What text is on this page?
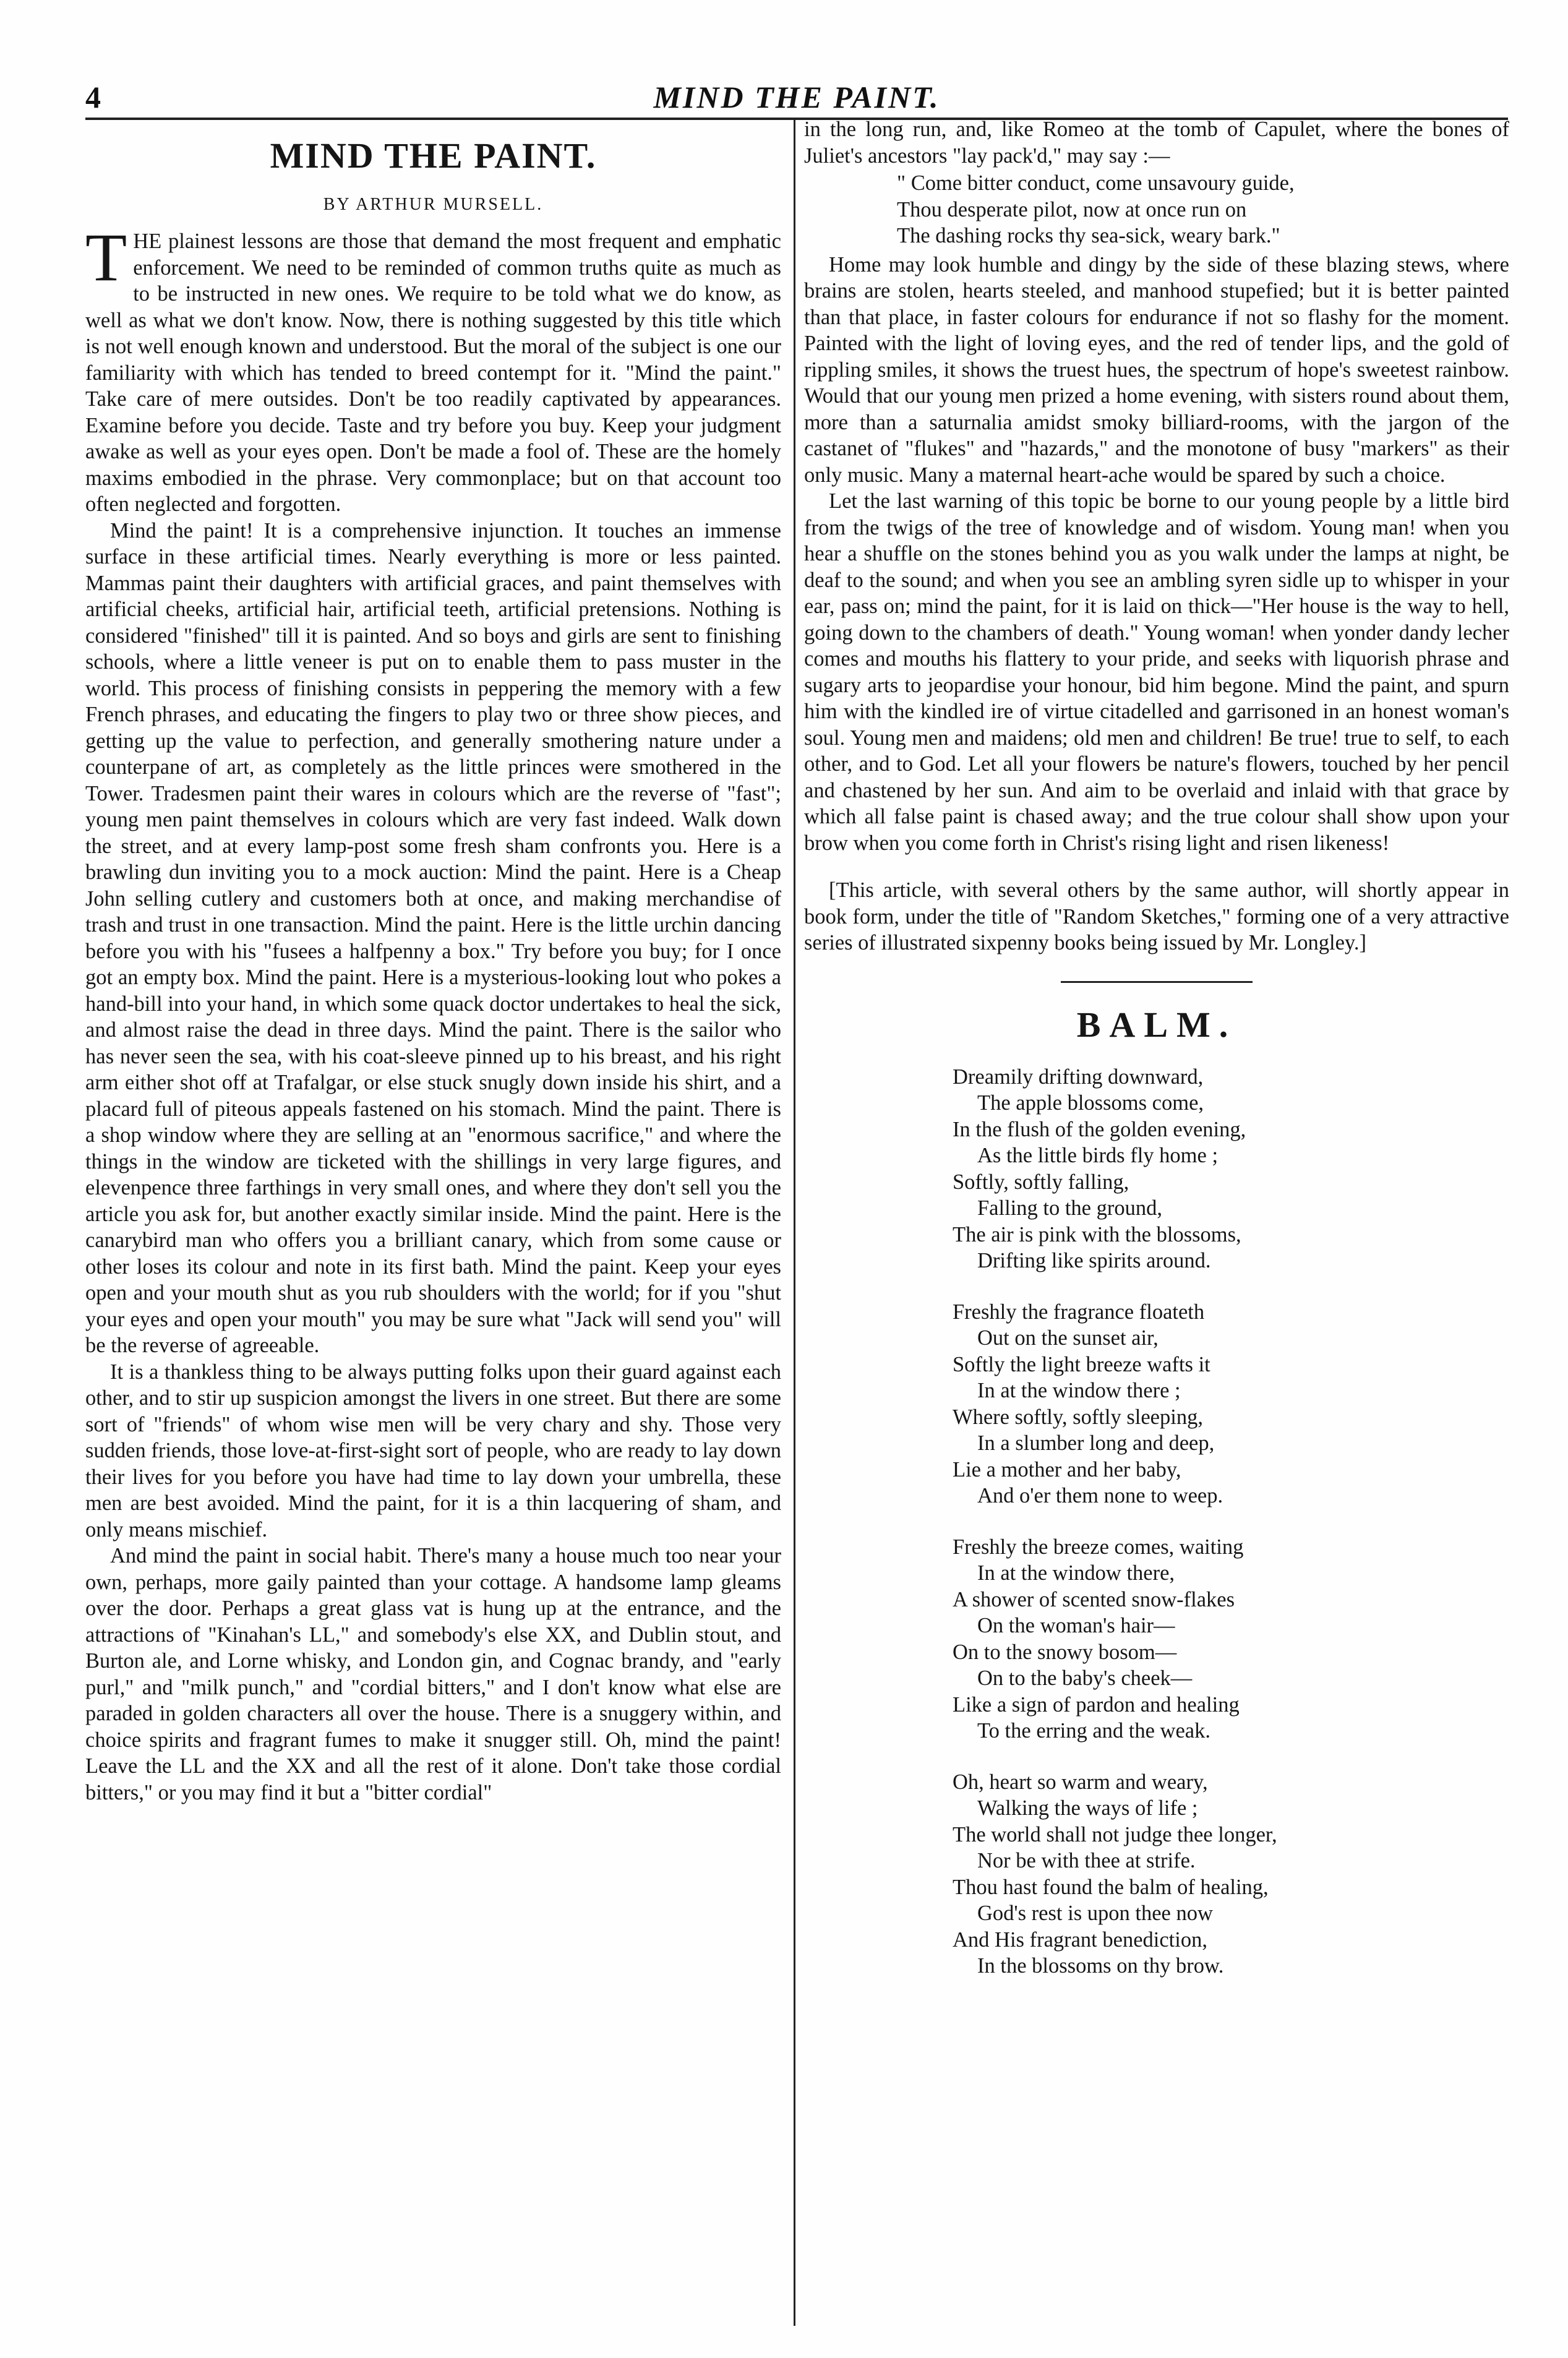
4	MIND THE PAINT.
MIND THE PAINT.
BY ARTHUR MURSELL.

THE plainest lessons are those that demand the most frequent and emphatic enforcement. We need to be reminded of common truths quite as much as to be instructed in new ones. We require to be told what we do know, as well as what we don't know. Now, there is nothing suggested by this title which is not well enough known and understood. But the moral of the subject is one our familiarity with which has tended to breed contempt for it. "Mind the paint." Take care of mere outsides. Don't be too readily captivated by appearances. Examine before you decide. Taste and try before you buy. Keep your judgment awake as well as your eyes open. Don't be made a fool of. These are the homely maxims embodied in the phrase. Very commonplace; but on that account too often neglected and forgotten.

Mind the paint! It is a comprehensive injunction. It touches an immense surface in these artificial times. Nearly everything is more or less painted. Mammas paint their daughters with artificial graces, and paint themselves with artificial cheeks, artificial hair, artificial teeth, artificial pretensions. Nothing is considered "finished" till it is painted. And so boys and girls are sent to finishing schools, where a little veneer is put on to enable them to pass muster in the world. This process of finishing consists in peppering the memory with a few French phrases, and educating the fingers to play two or three show pieces, and getting up the value to perfection, and generally smothering nature under a counterpane of art, as completely as the little princes were smothered in the Tower. Tradesmen paint their wares in colours which are the reverse of "fast"; young men paint themselves in colours which are very fast indeed. Walk down the street, and at every lamp-post some fresh sham confronts you. Here is a brawling dun inviting you to a mock auction: Mind the paint. Here is a Cheap John selling cutlery and customers both at once, and making merchandise of trash and trust in one transaction. Mind the paint. Here is the little urchin dancing before you with his "fusees a halfpenny a box." Try before you buy; for I once got an empty box. Mind the paint. Here is a mysterious-looking lout who pokes a hand-bill into your hand, in which some quack doctor undertakes to heal the sick, and almost raise the dead in three days. Mind the paint. There is the sailor who has never seen the sea, with his coat-sleeve pinned up to his breast, and his right arm either shot off at Trafalgar, or else stuck snugly down inside his shirt, and a placard full of piteous appeals fastened on his stomach. Mind the paint. There is a shop window where they are selling at an "enormous sacrifice," and where the things in the window are ticketed with the shillings in very large figures, and elevenpence three farthings in very small ones, and where they don't sell you the article you ask for, but another exactly similar inside. Mind the paint. Here is the canarybird man who offers you a brilliant canary, which from some cause or other loses its colour and note in its first bath. Mind the paint. Keep your eyes open and your mouth shut as you rub shoulders with the world; for if you "shut your eyes and open your mouth" you may be sure what "Jack will send you" will be the reverse of agreeable.

It is a thankless thing to be always putting folks upon their guard against each other, and to stir up suspicion amongst the livers in one street. But there are some sort of "friends" of whom wise men will be very chary and shy. Those very sudden friends, those love-at-first-sight sort of people, who are ready to lay down their lives for you before you have had time to lay down your umbrella, these men are best avoided. Mind the paint, for it is a thin lacquering of sham, and only means mischief.

And mind the paint in social habit. There's many a house much too near your own, perhaps, more gaily painted than your cottage. A handsome lamp gleams over the door. Perhaps a great glass vat is hung up at the entrance, and the attractions of "Kinahan's LL," and somebody's else XX, and Dublin stout, and Burton ale, and Lorne whisky, and London gin, and Cognac brandy, and "early purl," and "milk punch," and "cordial bitters," and I don't know what else are paraded in golden characters all over the house. There is a snuggery within, and choice spirits and fragrant fumes to make it snugger still. Oh, mind the paint! Leave the LL and the XX and all the rest of it alone. Don't take those cordial bitters," or you may find it but a "bitter cordial"

in the long run, and, like Romeo at the tomb of Capulet, where the bones of Juliet's ancestors "lay pack'd," may say :—

" Come bitter conduct, come unsavoury guide,
Thou desperate pilot, now at once run on
The dashing rocks thy sea-sick, weary bark."

Home may look humble and dingy by the side of these blazing stews, where brains are stolen, hearts steeled, and manhood stupefied; but it is better painted than that place, in faster colours for endurance if not so flashy for the moment. Painted with the light of loving eyes, and the red of tender lips, and the gold of rippling smiles, it shows the truest hues, the spectrum of hope's sweetest rainbow. Would that our young men prized a home evening, with sisters round about them, more than a saturnalia amidst smoky billiard-rooms, with the jargon of the castanet of "flukes" and "hazards," and the monotone of busy "markers" as their only music. Many a maternal heart-ache would be spared by such a choice.

Let the last warning of this topic be borne to our young people by a little bird from the twigs of the tree of knowledge and of wisdom. Young man! when you hear a shuffle on the stones behind you as you walk under the lamps at night, be deaf to the sound; and when you see an ambling syren sidle up to whisper in your ear, pass on; mind the paint, for it is laid on thick—"Her house is the way to hell, going down to the chambers of death." Young woman! when yonder dandy lecher comes and mouths his flattery to your pride, and seeks with liquorish phrase and sugary arts to jeopardise your honour, bid him begone. Mind the paint, and spurn him with the kindled ire of virtue citadelled and garrisoned in an honest woman's soul. Young men and maidens; old men and children! Be true! true to self, to each other, and to God. Let all your flowers be nature's flowers, touched by her pencil and chastened by her sun. And aim to be overlaid and inlaid with that grace by which all false paint is chased away; and the true colour shall show upon your brow when you come forth in Christ's rising light and risen likeness!

[This article, with several others by the same author, will shortly appear in book form, under the title of "Random Sketches," forming one of a very attractive series of illustrated sixpenny books being issued by Mr. Longley.]

BALM.
Dreamily drifting downward,
The apple blossoms come,
In the flush of the golden evening,
As the little birds fly home ;
Softly, softly falling,
Falling to the ground,
The air is pink with the blossoms,
Drifting like spirits around.
Freshly the fragrance floateth
Out on the sunset air,
Softly the light breeze wafts it
In at the window there ;
Where softly, softly sleeping,
In a slumber long and deep,
Lie a mother and her baby,
And o'er them none to weep.
Freshly the breeze comes, waiting
In at the window there,
A shower of scented snow-flakes
On the woman's hair—
On to the snowy bosom—
On to the baby's cheek—
Like a sign of pardon and healing
To the erring and the weak.
Oh, heart so warm and weary,
Walking the ways of life ;
The world shall not judge thee longer,
Nor be with thee at strife.
Thou hast found the balm of healing,
God's rest is upon thee now
And His fragrant benediction,
In the blossoms on thy brow.
